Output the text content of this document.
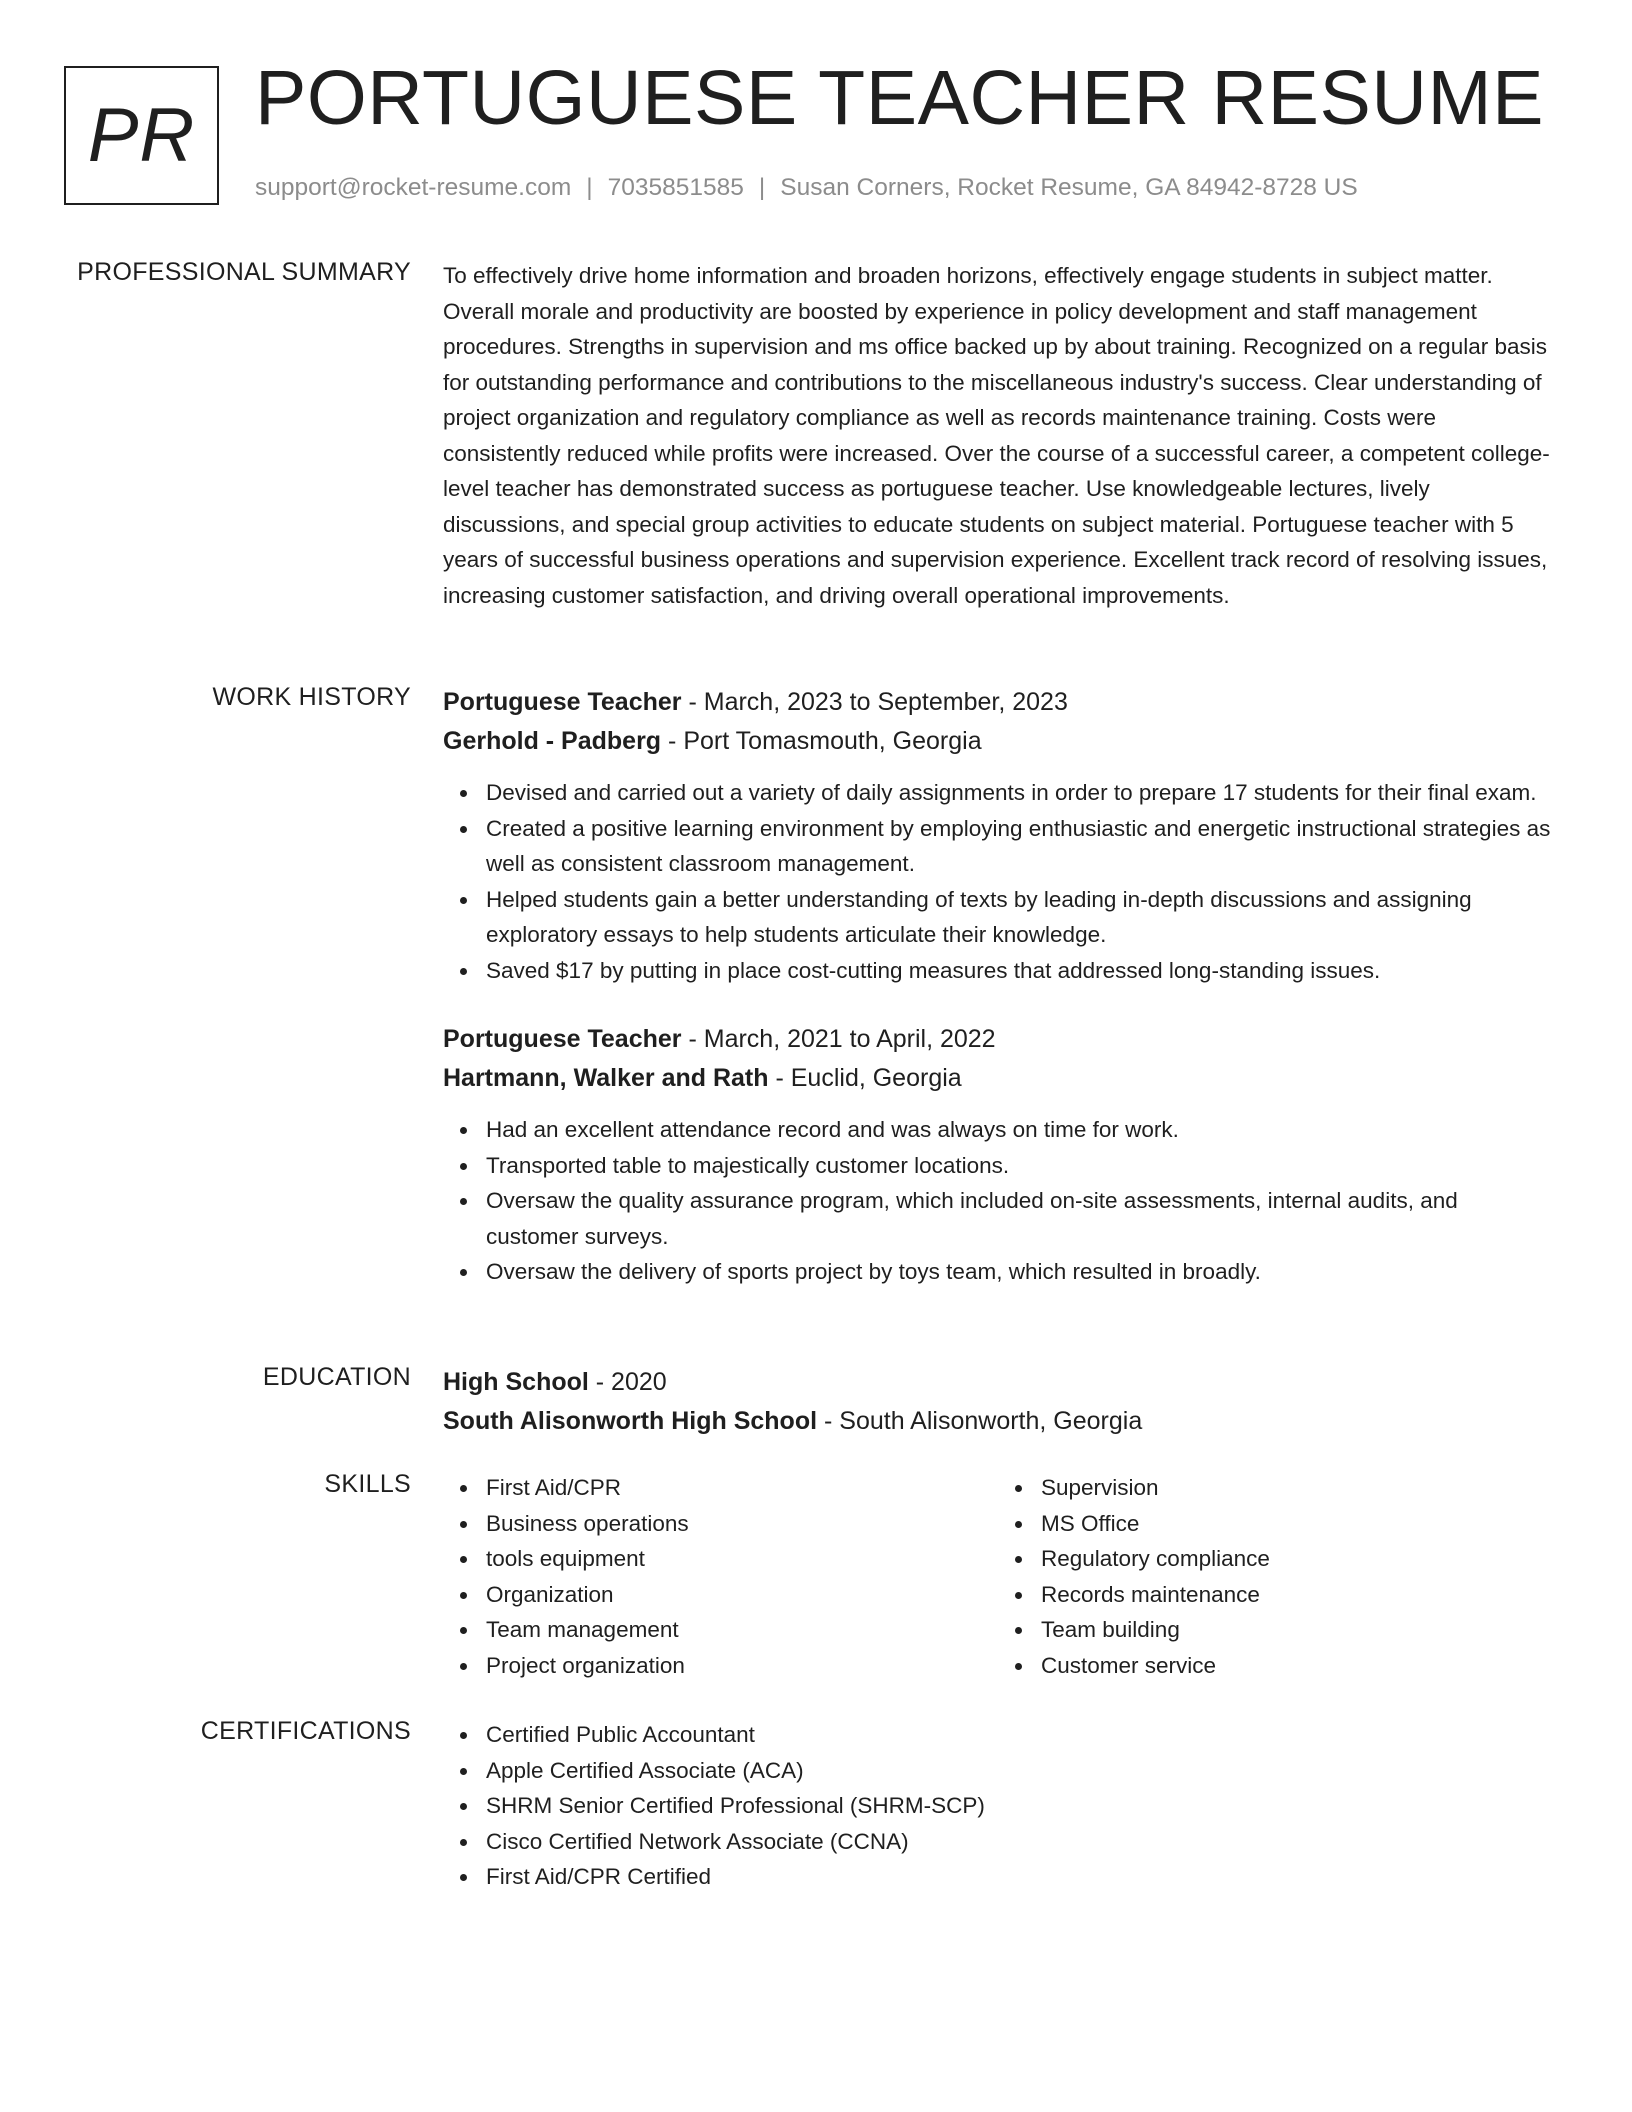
PR PORTUGUESE TEACHER RESUME
support@rocket-resume.com | 7035851585 | Susan Corners, Rocket Resume, GA 84942-8728 US
PROFESSIONAL SUMMARY To effectively drive home information and broaden horizons, effectively engage students in subject matter. Overall morale and productivity are boosted by experience in policy development and staff management procedures. Strengths in supervision and ms office backed up by about training. Recognized on a regular basis for outstanding performance and contributions to the miscellaneous industry's success. Clear understanding of project organization and regulatory compliance as well as records maintenance training. Costs were consistently reduced while profits were increased. Over the course of a successful career, a competent college-level teacher has demonstrated success as portuguese teacher. Use knowledgeable lectures, lively discussions, and special group activities to educate students on subject material. Portuguese teacher with 5 years of successful business operations and supervision experience. Excellent track record of resolving issues, increasing customer satisfaction, and driving overall operational improvements.
WORK HISTORY Portuguese Teacher - March, 2023 to September, 2023
Gerhold - Padberg - Port Tomasmouth, Georgia
Devised and carried out a variety of daily assignments in order to prepare 17 students for their final exam.
Created a positive learning environment by employing enthusiastic and energetic instructional strategies as well as consistent classroom management.
Helped students gain a better understanding of texts by leading in-depth discussions and assigning exploratory essays to help students articulate their knowledge.
Saved $17 by putting in place cost-cutting measures that addressed long-standing issues.
Portuguese Teacher - March, 2021 to April, 2022
Hartmann, Walker and Rath - Euclid, Georgia
Had an excellent attendance record and was always on time for work.
Transported table to majestically customer locations.
Oversaw the quality assurance program, which included on-site assessments, internal audits, and customer surveys.
Oversaw the delivery of sports project by toys team, which resulted in broadly.
EDUCATION High School - 2020
South Alisonworth High School - South Alisonworth, Georgia
SKILLS	First Aid/CPR
Business operations
tools equipment
Organization
Team management
Project organization
Supervision
MS Office
Regulatory compliance
Records maintenance
Team building
Customer service
CERTIFICATIONS	Certified Public Accountant
Apple Certified Associate (ACA)
SHRM Senior Certified Professional (SHRM-SCP)
Cisco Certified Network Associate (CCNA)
First Aid/CPR Certified
